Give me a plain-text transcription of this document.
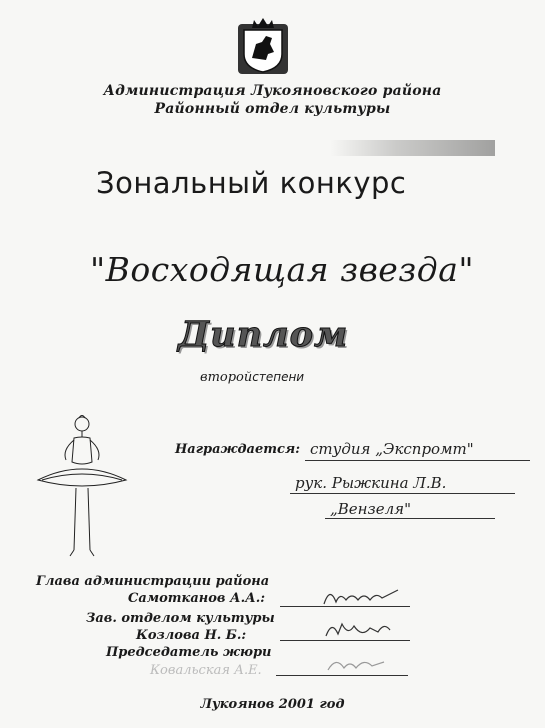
Администрация Лукояновского района
Районный отдел культуры
Зональный конкурс
"Восходящая звезда"
Диплом
второйстепени
Награждается: студия „Экспромт"
рук. Рыжкина Л.В.
„Вензеля"
Глава администрации района
Самотканов А.А.:
Зав. отделом культуры
Козлова Н. Б.:
Председатель жюри
Ковальская А.Е.
Лукоянов 2001 год
